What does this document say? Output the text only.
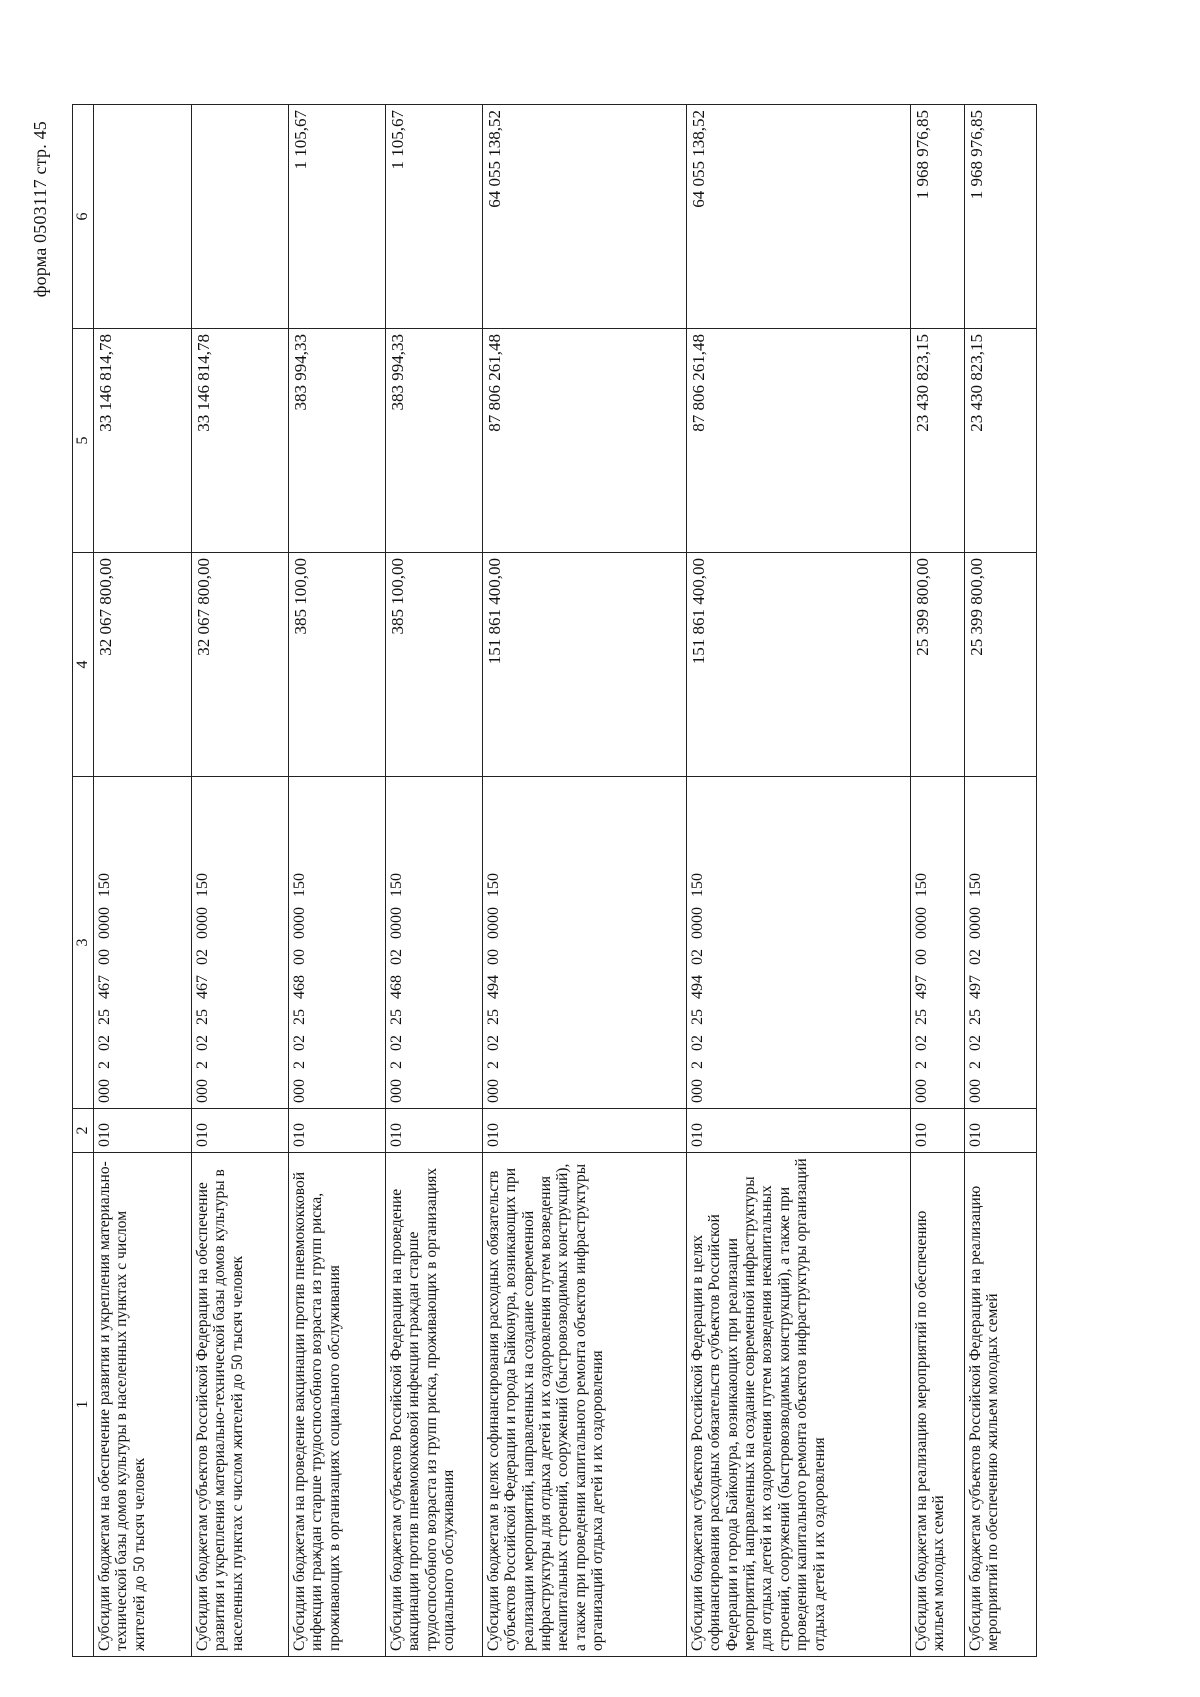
форма 0503117 стр. 45
1	2	3	4	5	6
Субсидии бюджетам на обеспечение развития и укрепления материально-технической базы домов культуры в населенных пунктах с числом жителей до 50 тысяч человек	010	000 2 02 25 467 00 0000 150	32 067 800,00	33 146 814,78	
Субсидии бюджетам субъектов Российской Федерации на обеспечение развития и укрепления материально-технической базы домов культуры в населенных пунктах с числом жителей до 50 тысяч человек	010	000 2 02 25 467 02 0000 150	32 067 800,00	33 146 814,78	
Субсидии бюджетам на проведение вакцинации против пневмококковой инфекции граждан старше трудоспособного возраста из групп риска, проживающих в организациях социального обслуживания	010	000 2 02 25 468 00 0000 150	385 100,00	383 994,33	1 105,67
Субсидии бюджетам субъектов Российской Федерации на проведение вакцинации против пневмококковой инфекции граждан старше трудоспособного возраста из групп риска, проживающих в организациях социального обслуживания	010	000 2 02 25 468 02 0000 150	385 100,00	383 994,33	1 105,67
Субсидии бюджетам в целях софинансирования расходных обязательств субъектов Российской Федерации и города Байконура, возникающих при реализации мероприятий, направленных на создание современной инфраструктуры для отдыха детей и их оздоровления путем возведения некапитальных строений, сооружений (быстровозводимых конструкций), а также при проведении капитального ремонта объектов инфраструктуры организаций отдыха детей и их оздоровления	010	000 2 02 25 494 00 0000 150	151 861 400,00	87 806 261,48	64 055 138,52
Субсидии бюджетам субъектов Российской Федерации в целях софинансирования расходных обязательств субъектов Российской Федерации и города Байконура, возникающих при реализации мероприятий, направленных на создание современной инфраструктуры для отдыха детей и их оздоровления путем возведения некапитальных строений, сооружений (быстровозводимых конструкций), а также при проведении капитального ремонта объектов инфраструктуры организаций отдыха детей и их оздоровления	010	000 2 02 25 494 02 0000 150	151 861 400,00	87 806 261,48	64 055 138,52
Субсидии бюджетам на реализацию мероприятий по обеспечению жильем молодых семей	010	000 2 02 25 497 00 0000 150	25 399 800,00	23 430 823,15	1 968 976,85
Субсидии бюджетам субъектов Российской Федерации на реализацию мероприятий по обеспечению жильем молодых семей	010	000 2 02 25 497 02 0000 150	25 399 800,00	23 430 823,15	1 968 976,85
